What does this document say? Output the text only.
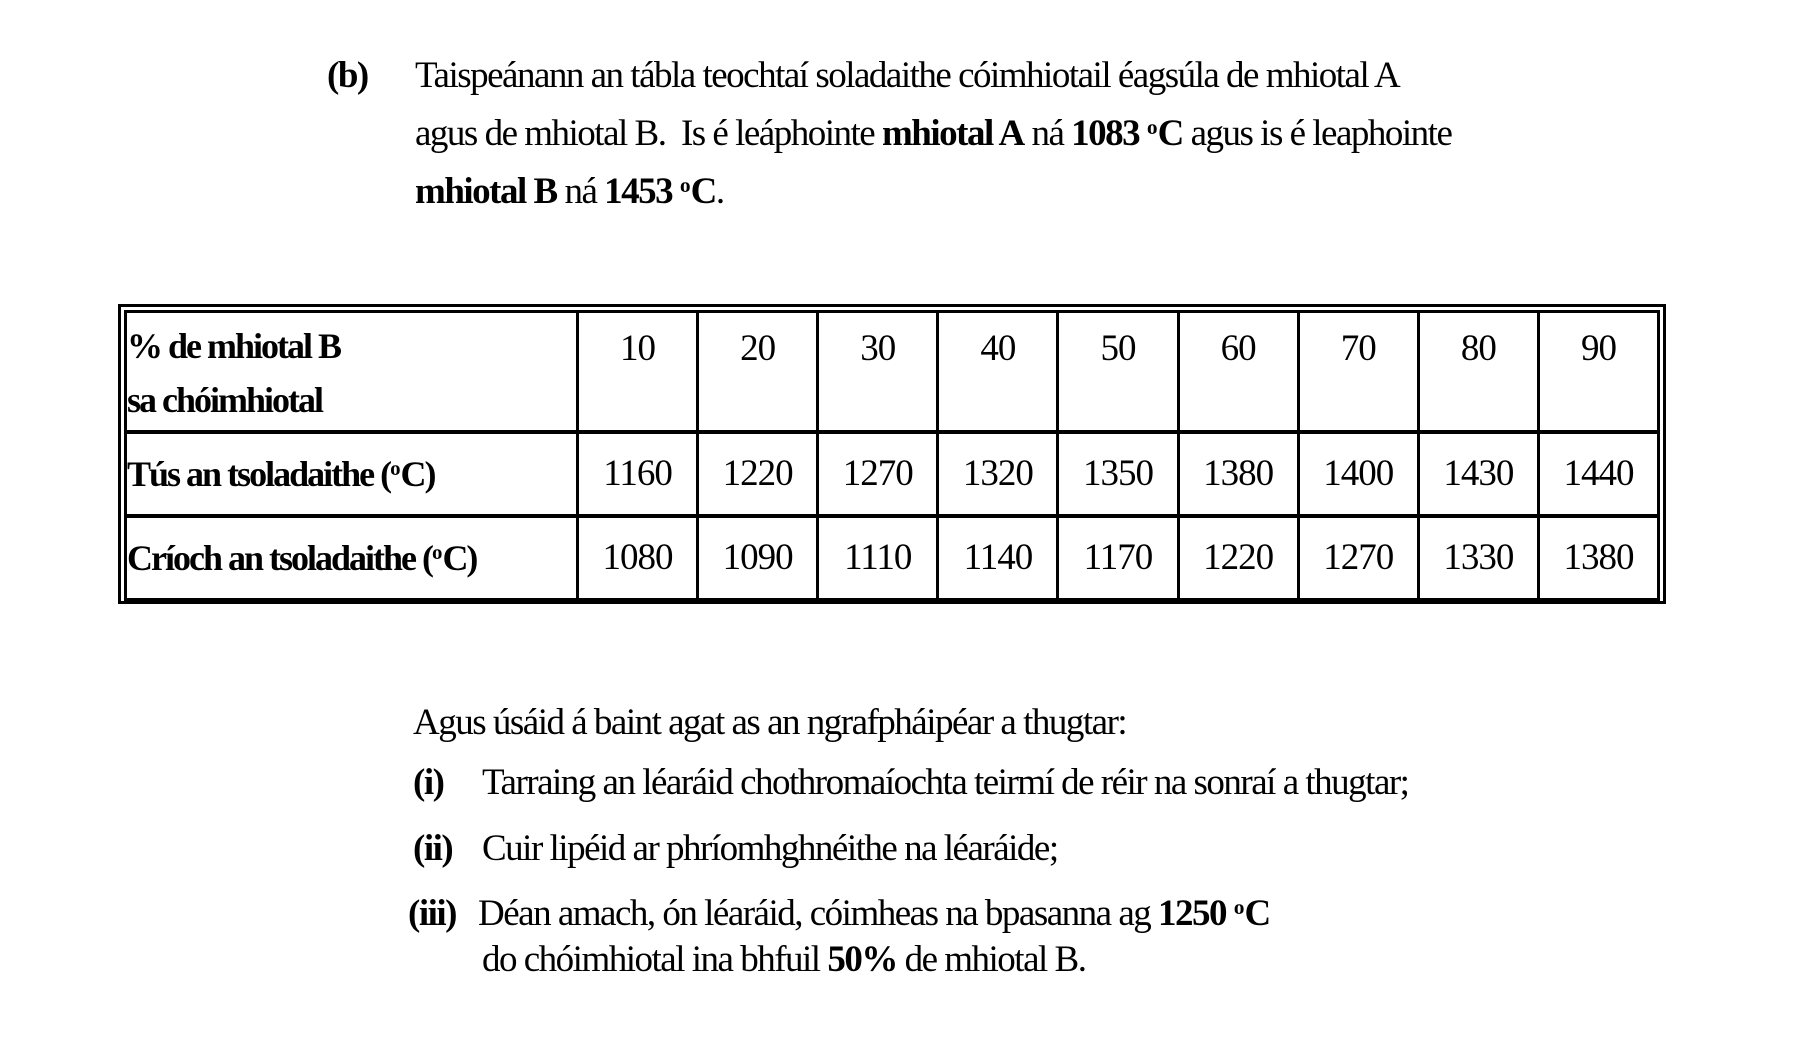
(b) Taispeánann an tábla teochtaí soladaithe cóimhiotail éagsúla de mhiotal A
agus de mhiotal B.  Is é leáphointe mhiotal A ná 1083 $^o$C agus is é leaphointe
mhiotal B ná 1453 $^o$C.
% de mhiotal B
sa chóimhiotal	10	20	30	40	50	60	70	80	90
Tús an tsoladaithe ($^o$C)	1160	1220	1270	1320	1350	1380	1400	1430	1440
Críoch an tsoladaithe ($^o$C)	1080	1090	1110	1140	1170	1220	1270	1330	1380
Agus úsáid á baint agat as an ngrafpháipéar a thugtar:
(i) Tarraing an léaráid chothromaíochta teirmí de réir na sonraí a thugtar;
(ii) Cuir lipéid ar phríomhghnéithe na léaráide;
(iii) Déan amach, ón léaráid, cóimheas na bpasanna ag 1250 $^o$C
do chóimhiotal ina bhfuil 50% de mhiotal B.
